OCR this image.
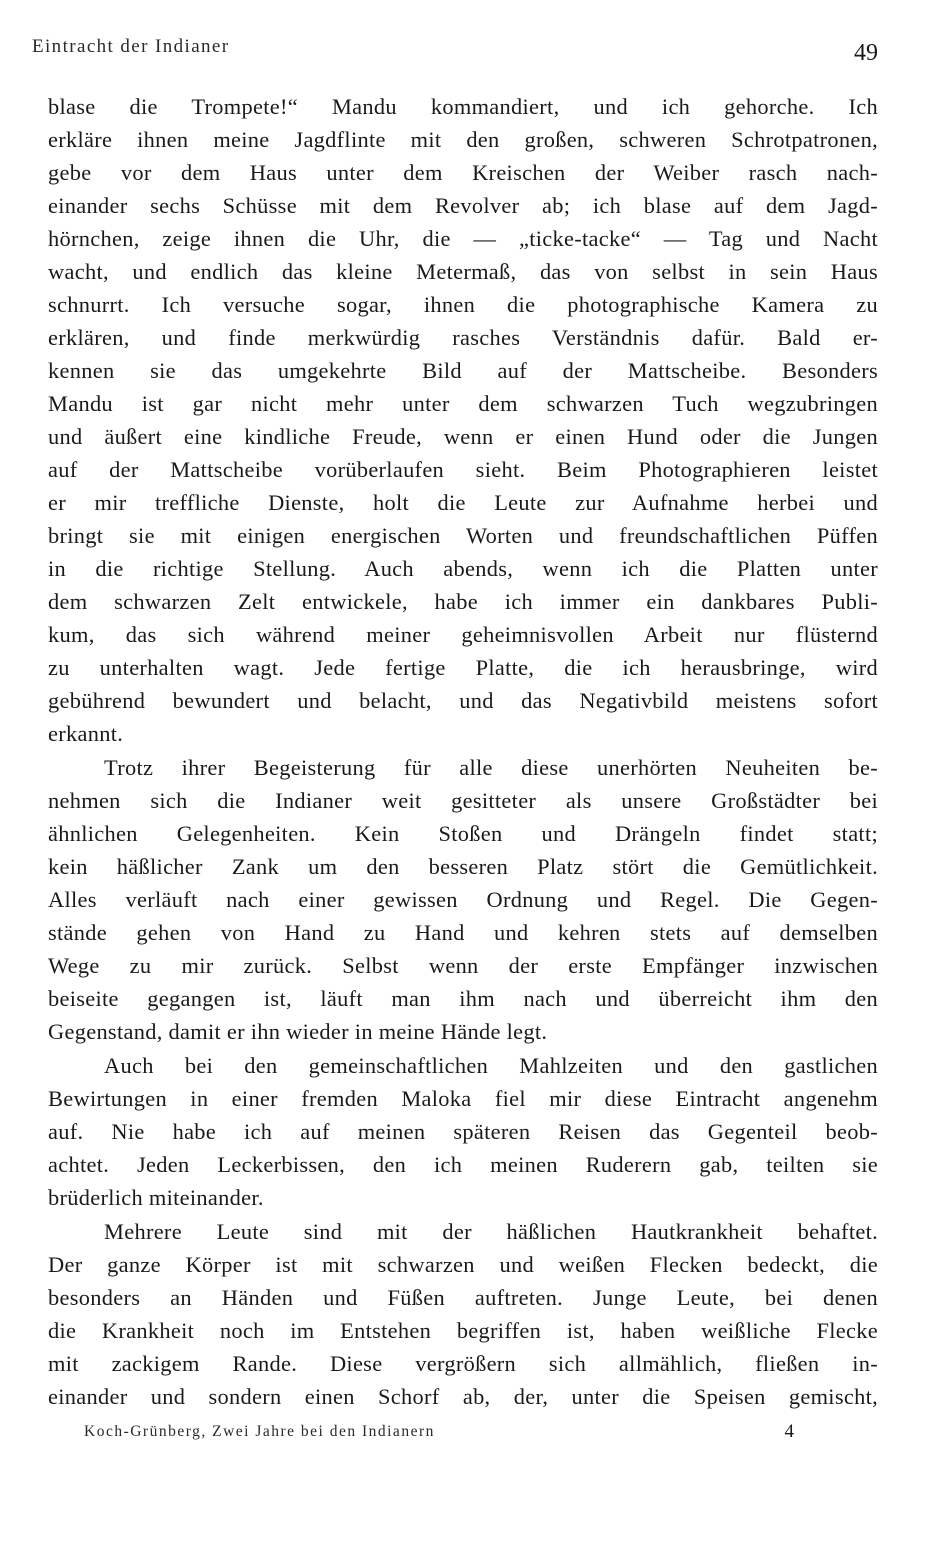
Eintracht der Indianer	49

blase die Trompete!“ Mandu kommandiert, und ich gehorche. Ich

erkläre ihnen meine Jagdflinte mit den großen, schweren Schrotpatronen,

gebe vor dem Haus unter dem Kreischen der Weiber rasch nach-

einander sechs Schüsse mit dem Revolver ab; ich blase auf dem Jagd-

hörnchen, zeige ihnen die Uhr, die — „ticke-tacke“ — Tag und Nacht

wacht, und endlich das kleine Metermaß, das von selbst in sein Haus

schnurrt. Ich versuche sogar, ihnen die photographische Kamera zu

erklären, und finde merkwürdig rasches Verständnis dafür. Bald er-

kennen sie das umgekehrte Bild auf der Mattscheibe. Besonders

Mandu ist gar nicht mehr unter dem schwarzen Tuch wegzubringen

und äußert eine kindliche Freude, wenn er einen Hund oder die Jungen

auf der Mattscheibe vorüberlaufen sieht. Beim Photographieren leistet

er mir treffliche Dienste, holt die Leute zur Aufnahme herbei und

bringt sie mit einigen energischen Worten und freundschaftlichen Püffen

in die richtige Stellung. Auch abends, wenn ich die Platten unter

dem schwarzen Zelt entwickele, habe ich immer ein dankbares Publi-

kum, das sich während meiner geheimnisvollen Arbeit nur flüsternd

zu unterhalten wagt. Jede fertige Platte, die ich herausbringe, wird

gebührend bewundert und belacht, und das Negativbild meistens sofort

erkannt.

Trotz ihrer Begeisterung für alle diese unerhörten Neuheiten be-

nehmen sich die Indianer weit gesitteter als unsere Großstädter bei

ähnlichen Gelegenheiten. Kein Stoßen und Drängeln findet statt;

kein häßlicher Zank um den besseren Platz stört die Gemütlichkeit.

Alles verläuft nach einer gewissen Ordnung und Regel. Die Gegen-

stände gehen von Hand zu Hand und kehren stets auf demselben

Wege zu mir zurück. Selbst wenn der erste Empfänger inzwischen

beiseite gegangen ist, läuft man ihm nach und überreicht ihm den

Gegenstand, damit er ihn wieder in meine Hände legt.

Auch bei den gemeinschaftlichen Mahlzeiten und den gastlichen

Bewirtungen in einer fremden Maloka fiel mir diese Eintracht angenehm

auf. Nie habe ich auf meinen späteren Reisen das Gegenteil beob-

achtet. Jeden Leckerbissen, den ich meinen Ruderern gab, teilten sie

brüderlich miteinander.

Mehrere Leute sind mit der häßlichen Hautkrankheit behaftet.

Der ganze Körper ist mit schwarzen und weißen Flecken bedeckt, die

besonders an Händen und Füßen auftreten. Junge Leute, bei denen

die Krankheit noch im Entstehen begriffen ist, haben weißliche Flecke

mit zackigem Rande. Diese vergrößern sich allmählich, fließen in-

einander und sondern einen Schorf ab, der, unter die Speisen gemischt,

Koch-Grünberg, Zwei Jahre bei den Indianern	4
